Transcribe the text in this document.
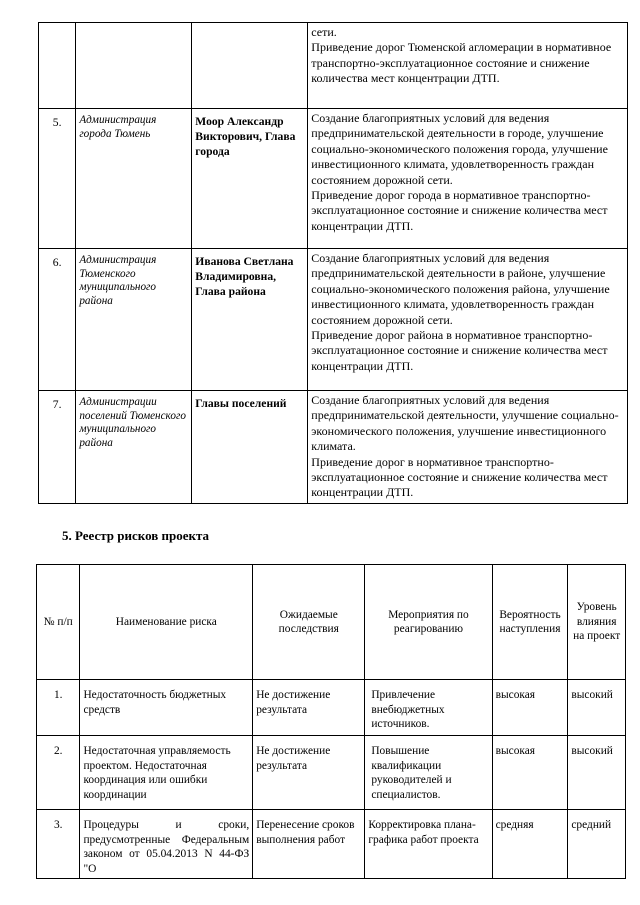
			сети.

Приведение дорог Тюменской агломерации в нормативное транспортно-эксплуатационное состояние и снижение количества мест концентрации ДТП.

5.	Администрация города Тюмень	Моор Александр Викторович, Глава города	Создание благоприятных условий для ведения предпринимательской деятельности в городе, улучшение социально-экономического положения города, улучшение инвестиционного климата, удовлетворенность граждан состоянием дорожной сети.

Приведение дорог города в нормативное транспортно-эксплуатационное состояние и снижение количества мест концентрации ДТП.

6.	Администрация Тюменского муниципального района	Иванова Светлана Владимировна, Глава района	Создание благоприятных условий для ведения предпринимательской деятельности в районе, улучшение социально-экономического положения района, улучшение инвестиционного климата, удовлетворенность граждан состоянием дорожной сети.

Приведение дорог района в нормативное транспортно-эксплуатационное состояние и снижение количества мест концентрации ДТП.

7.	Администрации поселений Тюменского муниципального района	Главы поселений	Создание благоприятных условий для ведения предпринимательской деятельности, улучшение социально-экономического положения, улучшение инвестиционного климата.

Приведение дорог в нормативное транспортно-эксплуатационное состояние и снижение количества мест концентрации ДТП.

5. Реестр рисков проекта
№ п/п	Наименование риска	Ожидаемые последствия	Мероприятия по реагированию	Вероятность наступления	Уровень влияния на проект
1.	Недостаточность бюджетных средств	Не достижение результата	Привлечение внебюджетных источников.	высокая	высокий
2.	Недостаточная управляемость проектом. Недостаточная координация или ошибки координации	Не достижение результата	Повышение квалификации руководителей и специалистов.	высокая	высокий
3.	Процедуры и сроки, предусмотренные Федеральным законом от 05.04.2013 N 44-ФЗ "О	Перенесение сроков выполнения работ	Корректировка плана-графика работ проекта	средняя	средний
